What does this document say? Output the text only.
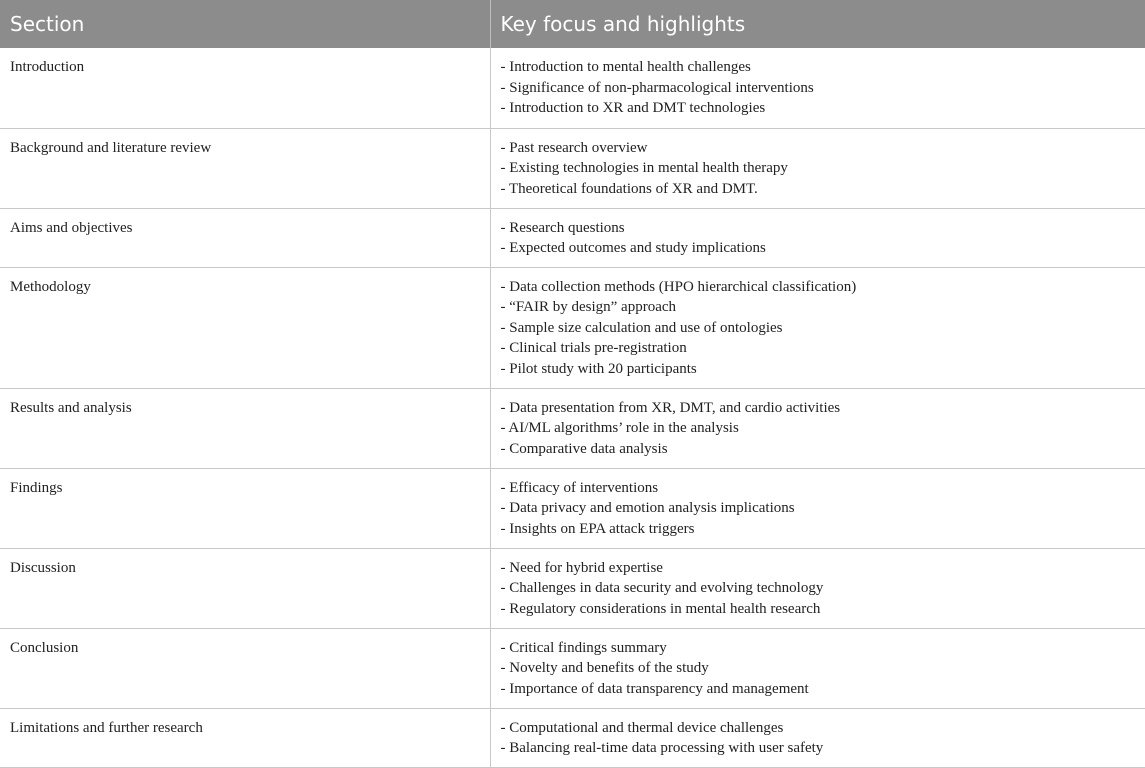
Section	Key focus and highlights

Introduction	- Introduction to mental health challenges
- Significance of non-pharmacological interventions
- Introduction to XR and DMT technologies

Background and literature review	- Past research overview
- Existing technologies in mental health therapy
- Theoretical foundations of XR and DMT.

Aims and objectives	- Research questions
- Expected outcomes and study implications

Methodology	- Data collection methods (HPO hierarchical classification)
- “FAIR by design” approach
- Sample size calculation and use of ontologies
- Clinical trials pre-registration
- Pilot study with 20 participants

Results and analysis	- Data presentation from XR, DMT, and cardio activities
- AI/ML algorithms’ role in the analysis
- Comparative data analysis

Findings	- Efficacy of interventions
- Data privacy and emotion analysis implications
- Insights on EPA attack triggers

Discussion	- Need for hybrid expertise
- Challenges in data security and evolving technology
- Regulatory considerations in mental health research

Conclusion	- Critical findings summary
- Novelty and benefits of the study
- Importance of data transparency and management

Limitations and further research	- Computational and thermal device challenges
- Balancing real-time data processing with user safety
